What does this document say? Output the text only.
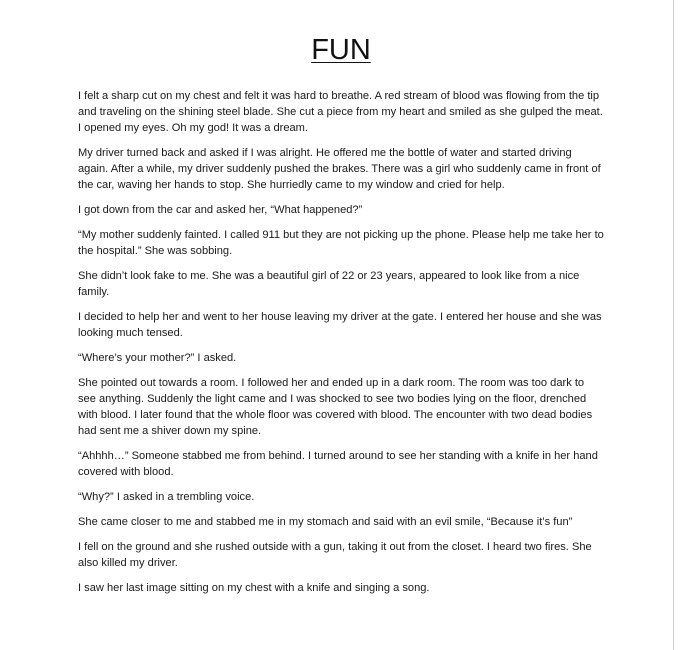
FUN

I felt a sharp cut on my chest and felt it was hard to breathe. A red stream of blood was flowing from the tip and traveling on the shining steel blade. She cut a piece from my heart and smiled as she gulped the meat. I opened my eyes. Oh my god! It was a dream.

My driver turned back and asked if I was alright. He offered me the bottle of water and started driving again. After a while, my driver suddenly pushed the brakes. There was a girl who suddenly came in front of the car, waving her hands to stop. She hurriedly came to my window and cried for help.

I got down from the car and asked her, “What happened?”

“My mother suddenly fainted. I called 911 but they are not picking up the phone. Please help me take her to the hospital.” She was sobbing.

She didn’t look fake to me. She was a beautiful girl of 22 or 23 years, appeared to look like from a nice family.

I decided to help her and went to her house leaving my driver at the gate. I entered her house and she was looking much tensed.

“Where’s your mother?” I asked.

She pointed out towards a room. I followed her and ended up in a dark room. The room was too dark to see anything. Suddenly the light came and I was shocked to see two bodies lying on the floor, drenched with blood. I later found that the whole floor was covered with blood. The encounter with two dead bodies had sent me a shiver down my spine.

“Ahhhh…” Someone stabbed me from behind. I turned around to see her standing with a knife in her hand covered with blood.

“Why?” I asked in a trembling voice.

She came closer to me and stabbed me in my stomach and said with an evil smile, “Because it’s fun”

I fell on the ground and she rushed outside with a gun, taking it out from the closet. I heard two fires. She also killed my driver.

I saw her last image sitting on my chest with a knife and singing a song.
